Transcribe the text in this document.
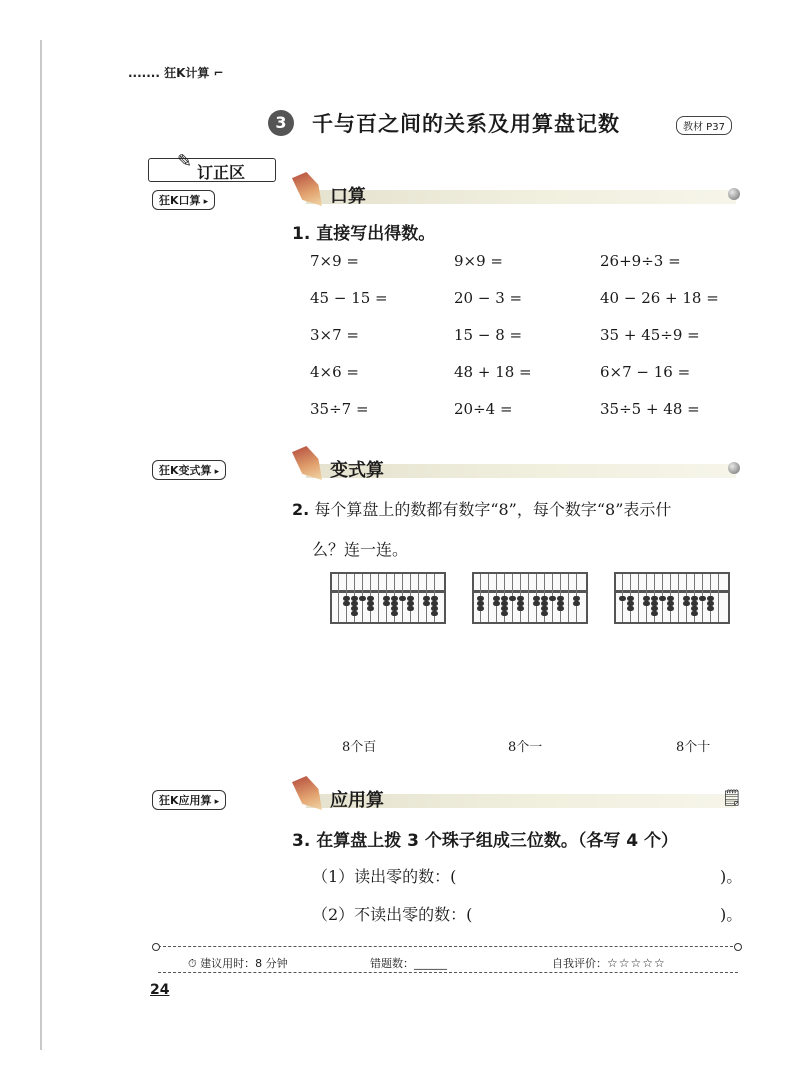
....... 狂K计算 ⌐
3	千与百之间的关系及用算盘记数	教材 P37
✎
订正区
狂K口算 ▸	口算
1. 直接写出得数。
7×9 =	9×9 =	26+9÷3 =
45 − 15 =	20 − 3 =	40 − 26 + 18 =
3×7 =	15 − 8 =	35 + 45÷9 =
4×6 =	48 + 18 =	6×7 − 16 =
35÷7 =	20÷4 =	35÷5 + 48 =
狂K变式算 ▸	变式算
2. 每个算盘上的数都有数字“8”，每个数字“8”表示什
么？连一连。
8个百	8个一	8个十
狂K应用算 ▸	应用算	🗒
3. 在算盘上拨 3 个珠子组成三位数。（各写 4 个）
（1）读出零的数：(	)。
（2）不读出零的数：(	)。
⏱ 建议用时：8 分钟	错题数：______	自我评价：☆☆☆☆☆
24
